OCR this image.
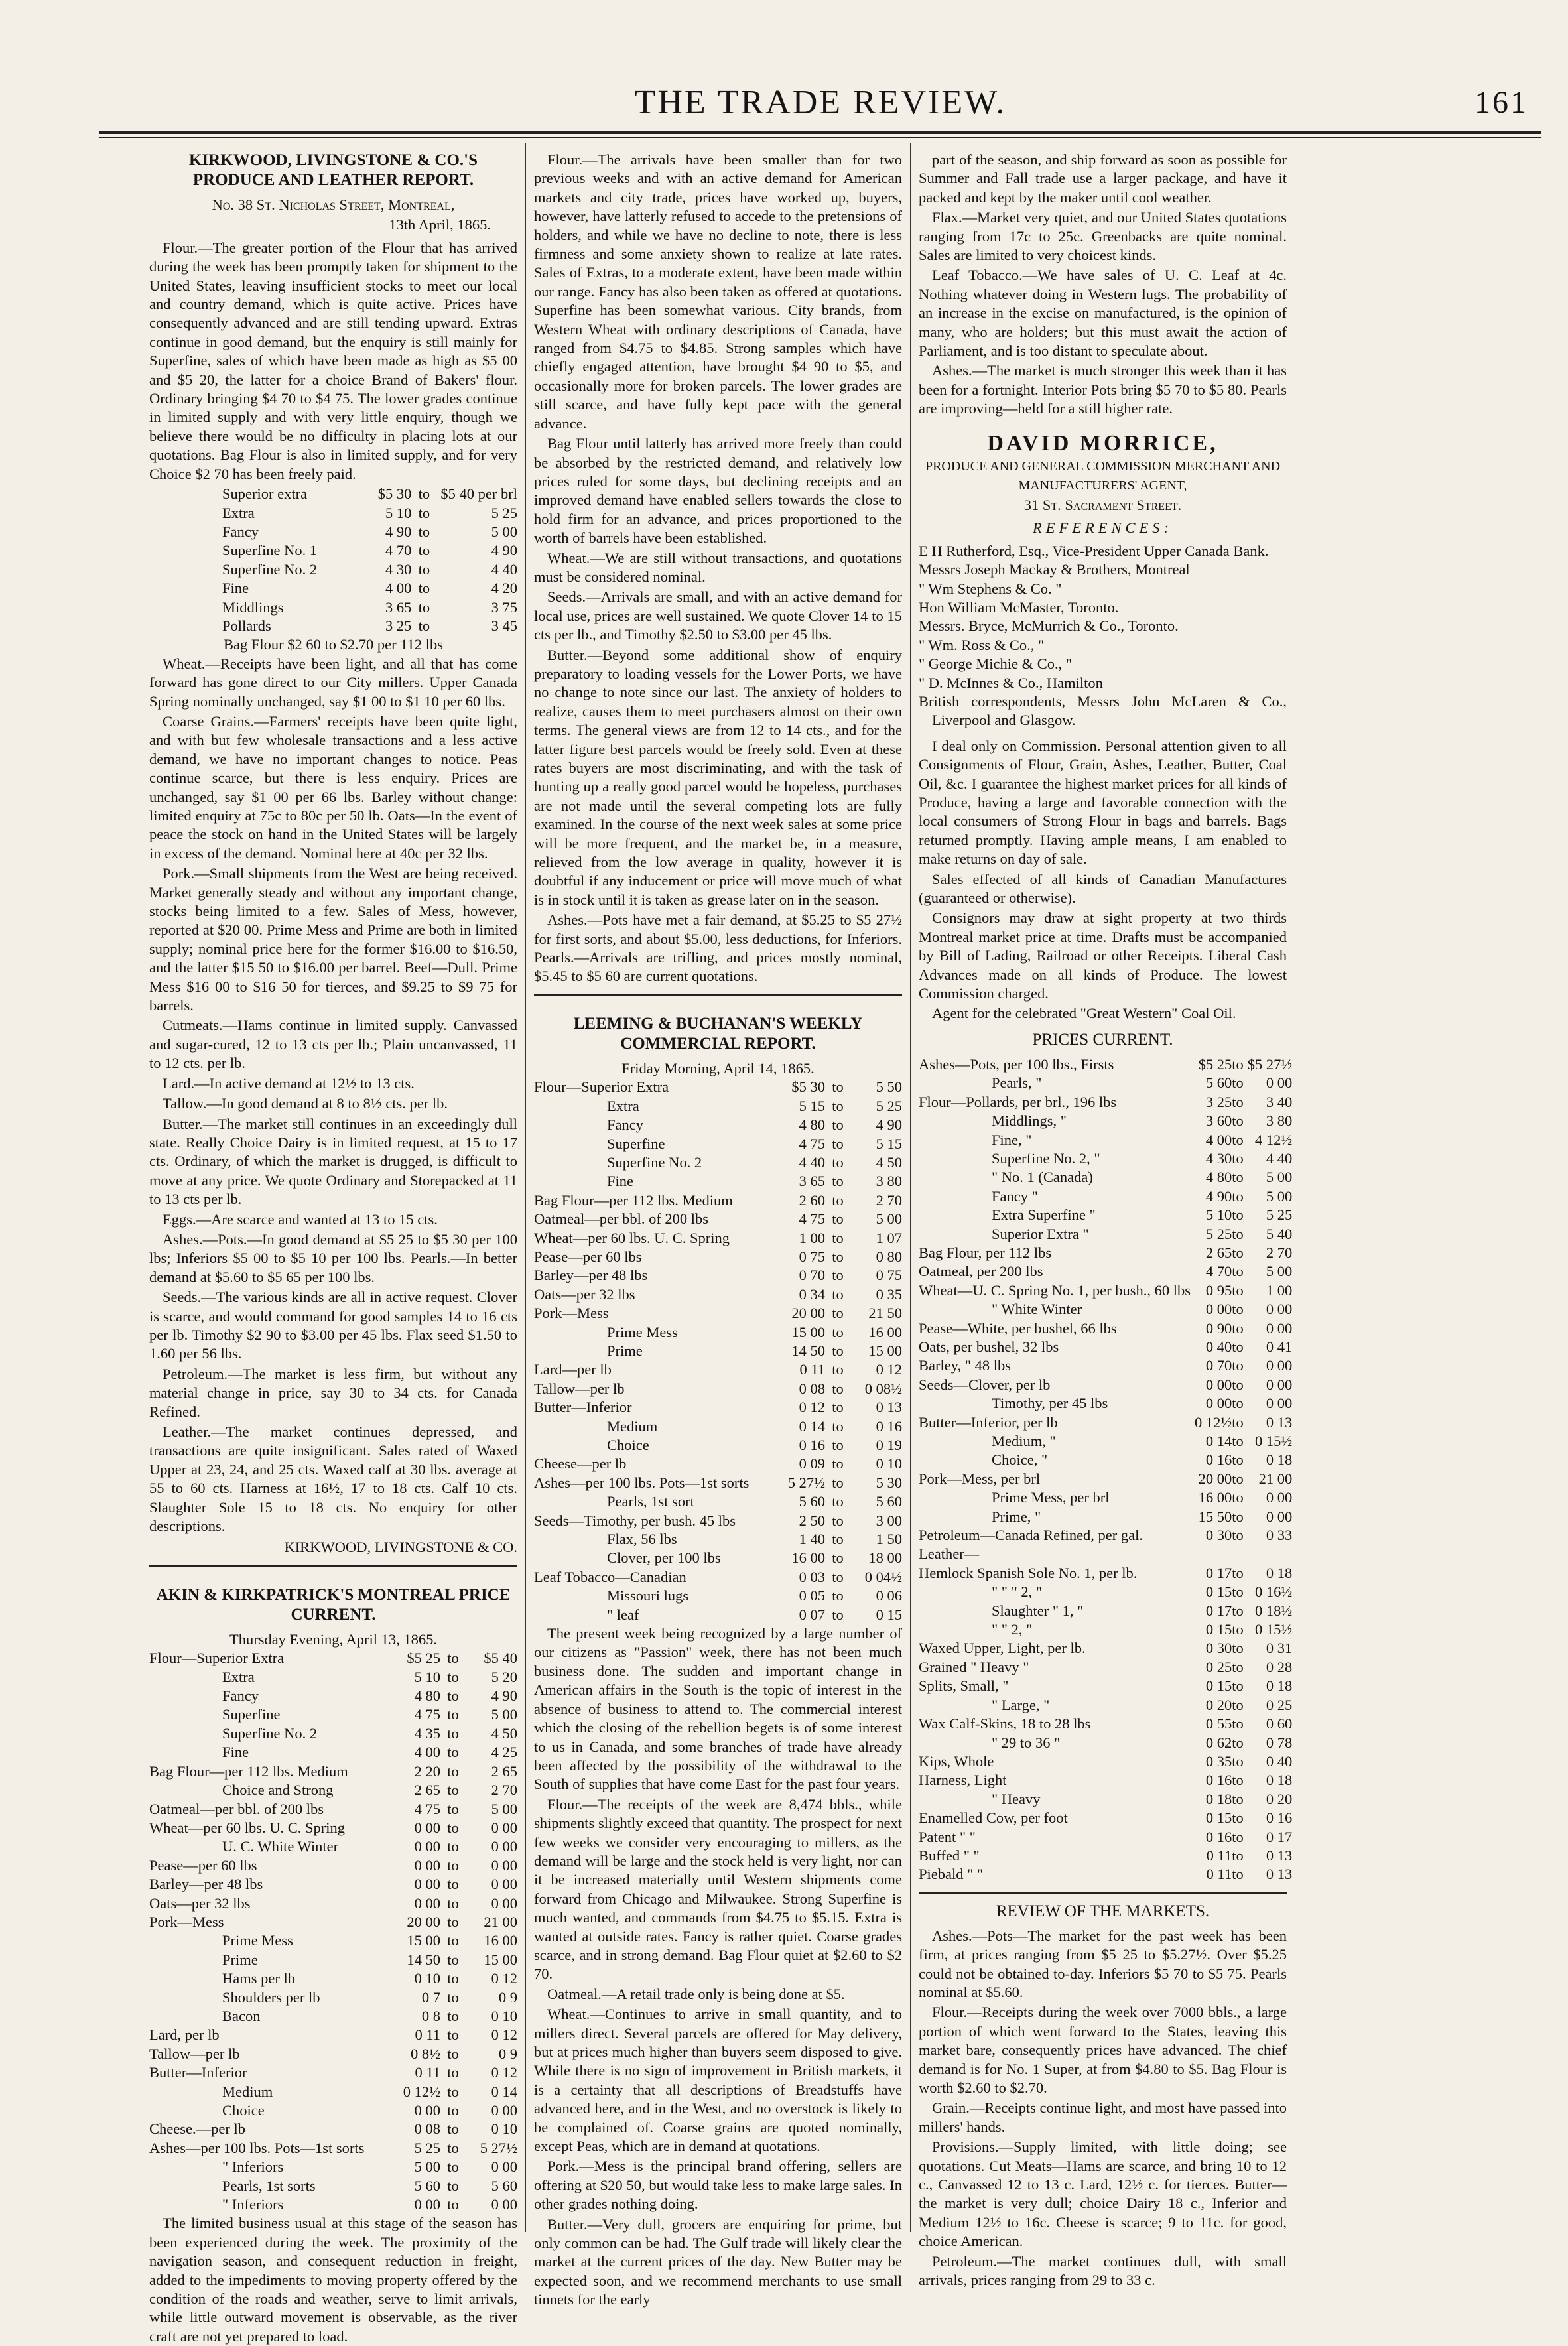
THE TRADE REVIEW.	161
KIRKWOOD, LIVINGSTONE & CO.'S PRODUCE AND LEATHER REPORT.
No. 38 St. Nicholas Street, Montreal,
13th April, 1865.

Flour.—The greater portion of the Flour that has arrived during the week has been promptly taken for shipment to the United States, leaving insufficient stocks to meet our local and country demand, which is quite active. Prices have consequently advanced and are still tending upward. Extras continue in good demand, but the enquiry is still mainly for Superfine, sales of which have been made as high as $5 00 and $5 20, the latter for a choice Brand of Bakers' flour. Ordinary bringing $4 70 to $4 75. The lower grades continue in limited supply and with very little enquiry, though we believe there would be no difficulty in placing lots at our quotations. Bag Flour is also in limited supply, and for very Choice $2 70 has been freely paid.

Superior extra	$5 30	to	$5 40 per brl
Extra	5 10	to	5 25
Fancy	4 90	to	5 00
Superfine No. 1	4 70	to	4 90
Superfine No. 2	4 30	to	4 40
Fine	4 00	to	4 20
Middlings	3 65	to	3 75
Pollards	3 25	to	3 45
Bag Flour $2 60 to $2.70 per 112 lbs

Wheat.—Receipts have been light, and all that has come forward has gone direct to our City millers. Upper Canada Spring nominally unchanged, say $1 00 to $1 10 per 60 lbs.

Coarse Grains.—Farmers' receipts have been quite light, and with but few wholesale transactions and a less active demand, we have no important changes to notice. Peas continue scarce, but there is less enquiry. Prices are unchanged, say $1 00 per 66 lbs. Barley without change: limited enquiry at 75c to 80c per 50 lb. Oats—In the event of peace the stock on hand in the United States will be largely in excess of the demand. Nominal here at 40c per 32 lbs.

Pork.—Small shipments from the West are being received. Market generally steady and without any important change, stocks being limited to a few. Sales of Mess, however, reported at $20 00. Prime Mess and Prime are both in limited supply; nominal price here for the former $16.00 to $16.50, and the latter $15 50 to $16.00 per barrel. Beef—Dull. Prime Mess $16 00 to $16 50 for tierces, and $9.25 to $9 75 for barrels.

Cutmeats.—Hams continue in limited supply. Canvassed and sugar-cured, 12 to 13 cts per lb.; Plain uncanvassed, 11 to 12 cts. per lb.

Lard.—In active demand at 12½ to 13 cts.

Tallow.—In good demand at 8 to 8½ cts. per lb.

Butter.—The market still continues in an exceedingly dull state. Really Choice Dairy is in limited request, at 15 to 17 cts. Ordinary, of which the market is drugged, is difficult to move at any price. We quote Ordinary and Storepacked at 11 to 13 cts per lb.

Eggs.—Are scarce and wanted at 13 to 15 cts.

Ashes.—Pots.—In good demand at $5 25 to $5 30 per 100 lbs; Inferiors $5 00 to $5 10 per 100 lbs. Pearls.—In better demand at $5.60 to $5 65 per 100 lbs.

Seeds.—The various kinds are all in active request. Clover is scarce, and would command for good samples 14 to 16 cts per lb. Timothy $2 90 to $3.00 per 45 lbs. Flax seed $1.50 to 1.60 per 56 lbs.

Petroleum.—The market is less firm, but without any material change in price, say 30 to 34 cts. for Canada Refined.

Leather.—The market continues depressed, and transactions are quite insignificant. Sales rated of Waxed Upper at 23, 24, and 25 cts. Waxed calf at 30 lbs. average at 55 to 60 cts. Harness at 16½, 17 to 18 cts. Calf 10 cts. Slaughter Sole 15 to 18 cts. No enquiry for other descriptions.

KIRKWOOD, LIVINGSTONE & CO.
AKIN & KIRKPATRICK'S MONTREAL PRICE CURRENT.
Thursday Evening, April 13, 1865.
Flour—Superior Extra	$5 25	to	$5 40
Extra	5 10	to	5 20
Fancy	4 80	to	4 90
Superfine	4 75	to	5 00
Superfine No. 2	4 35	to	4 50
Fine	4 00	to	4 25
Bag Flour—per 112 lbs. Medium	2 20	to	2 65
Choice and Strong	2 65	to	2 70
Oatmeal—per bbl. of 200 lbs	4 75	to	5 00
Wheat—per 60 lbs. U. C. Spring	0 00	to	0 00
U. C. White Winter	0 00	to	0 00
Pease—per 60 lbs	0 00	to	0 00
Barley—per 48 lbs	0 00	to	0 00
Oats—per 32 lbs	0 00	to	0 00
Pork—Mess	20 00	to	21 00
Prime Mess	15 00	to	16 00
Prime	14 50	to	15 00
Hams per lb	0 10	to	0 12
Shoulders per lb	0 7	to	0 9
Bacon	0 8	to	0 10
Lard, per lb	0 11	to	0 12
Tallow—per lb	0 8½	to	0 9
Butter—Inferior	0 11	to	0 12
Medium	0 12½	to	0 14
Choice	0 00	to	0 00
Cheese.—per lb	0 08	to	0 10
Ashes—per 100 lbs. Pots—1st sorts	5 25	to	5 27½
" Inferiors	5 00	to	0 00
Pearls, 1st sorts	5 60	to	5 60
" Inferiors	0 00	to	0 00

The limited business usual at this stage of the season has been experienced during the week. The proximity of the navigation season, and consequent reduction in freight, added to the impediments to moving property offered by the condition of the roads and weather, serve to limit arrivals, while little outward movement is observable, as the river craft are not yet prepared to load.

Flour.—The arrivals have been smaller than for two previous weeks and with an active demand for American markets and city trade, prices have worked up, buyers, however, have latterly refused to accede to the pretensions of holders, and while we have no decline to note, there is less firmness and some anxiety shown to realize at late rates. Sales of Extras, to a moderate extent, have been made within our range. Fancy has also been taken as offered at quotations. Superfine has been somewhat various. City brands, from Western Wheat with ordinary descriptions of Canada, have ranged from $4.75 to $4.85. Strong samples which have chiefly engaged attention, have brought $4 90 to $5, and occasionally more for broken parcels. The lower grades are still scarce, and have fully kept pace with the general advance.

Bag Flour until latterly has arrived more freely than could be absorbed by the restricted demand, and relatively low prices ruled for some days, but declining receipts and an improved demand have enabled sellers towards the close to hold firm for an advance, and prices proportioned to the worth of barrels have been established.

Wheat.—We are still without transactions, and quotations must be considered nominal.

Seeds.—Arrivals are small, and with an active demand for local use, prices are well sustained. We quote Clover 14 to 15 cts per lb., and Timothy $2.50 to $3.00 per 45 lbs.

Butter.—Beyond some additional show of enquiry preparatory to loading vessels for the Lower Ports, we have no change to note since our last. The anxiety of holders to realize, causes them to meet purchasers almost on their own terms. The general views are from 12 to 14 cts., and for the latter figure best parcels would be freely sold. Even at these rates buyers are most discriminating, and with the task of hunting up a really good parcel would be hopeless, purchases are not made until the several competing lots are fully examined. In the course of the next week sales at some price will be more frequent, and the market be, in a measure, relieved from the low average in quality, however it is doubtful if any inducement or price will move much of what is in stock until it is taken as grease later on in the season.

Ashes.—Pots have met a fair demand, at $5.25 to $5 27½ for first sorts, and about $5.00, less deductions, for Inferiors. Pearls.—Arrivals are trifling, and prices mostly nominal, $5.45 to $5 60 are current quotations.

LEEMING & BUCHANAN'S WEEKLY COMMERCIAL REPORT.
Friday Morning, April 14, 1865.
Flour—Superior Extra	$5 30	to	5 50
Extra	5 15	to	5 25
Fancy	4 80	to	4 90
Superfine	4 75	to	5 15
Superfine No. 2	4 40	to	4 50
Fine	3 65	to	3 80
Bag Flour—per 112 lbs. Medium	2 60	to	2 70
Oatmeal—per bbl. of 200 lbs	4 75	to	5 00
Wheat—per 60 lbs. U. C. Spring	1 00	to	1 07
Pease—per 60 lbs	0 75	to	0 80
Barley—per 48 lbs	0 70	to	0 75
Oats—per 32 lbs	0 34	to	0 35
Pork—Mess	20 00	to	21 50
Prime Mess	15 00	to	16 00
Prime	14 50	to	15 00
Lard—per lb	0 11	to	0 12
Tallow—per lb	0 08	to	0 08½
Butter—Inferior	0 12	to	0 13
Medium	0 14	to	0 16
Choice	0 16	to	0 19
Cheese—per lb	0 09	to	0 10
Ashes—per 100 lbs. Pots—1st sorts	5 27½	to	5 30
Pearls, 1st sort	5 60	to	5 60
Seeds—Timothy, per bush. 45 lbs	2 50	to	3 00
Flax, 56 lbs	1 40	to	1 50
Clover, per 100 lbs	16 00	to	18 00
Leaf Tobacco—Canadian	0 03	to	0 04½
Missouri lugs	0 05	to	0 06
" leaf	0 07	to	0 15

The present week being recognized by a large number of our citizens as "Passion" week, there has not been much business done. The sudden and important change in American affairs in the South is the topic of interest in the absence of business to attend to. The commercial interest which the closing of the rebellion begets is of some interest to us in Canada, and some branches of trade have already been affected by the possibility of the withdrawal to the South of supplies that have come East for the past four years.

Flour.—The receipts of the week are 8,474 bbls., while shipments slightly exceed that quantity. The prospect for next few weeks we consider very encouraging to millers, as the demand will be large and the stock held is very light, nor can it be increased materially until Western shipments come forward from Chicago and Milwaukee. Strong Superfine is much wanted, and commands from $4.75 to $5.15. Extra is wanted at outside rates. Fancy is rather quiet. Coarse grades scarce, and in strong demand. Bag Flour quiet at $2.60 to $2 70.

Oatmeal.—A retail trade only is being done at $5.

Wheat.—Continues to arrive in small quantity, and to millers direct. Several parcels are offered for May delivery, but at prices much higher than buyers seem disposed to give. While there is no sign of improvement in British markets, it is a certainty that all descriptions of Breadstuffs have advanced here, and in the West, and no overstock is likely to be complained of. Coarse grains are quoted nominally, except Peas, which are in demand at quotations.

Pork.—Mess is the principal brand offering, sellers are offering at $20 50, but would take less to make large sales. In other grades nothing doing.

Butter.—Very dull, grocers are enquiring for prime, but only common can be had. The Gulf trade will likely clear the market at the current prices of the day. New Butter may be expected soon, and we recommend merchants to use small tinnets for the early

part of the season, and ship forward as soon as possible for Summer and Fall trade use a larger package, and have it packed and kept by the maker until cool weather.

Flax.—Market very quiet, and our United States quotations ranging from 17c to 25c. Greenbacks are quite nominal. Sales are limited to very choicest kinds.

Leaf Tobacco.—We have sales of U. C. Leaf at 4c. Nothing whatever doing in Western lugs. The probability of an increase in the excise on manufactured, is the opinion of many, who are holders; but this must await the action of Parliament, and is too distant to speculate about.

Ashes.—The market is much stronger this week than it has been for a fortnight. Interior Pots bring $5 70 to $5 80. Pearls are improving—held for a still higher rate.

DAVID MORRICE,
PRODUCE AND GENERAL COMMISSION MERCHANT AND MANUFACTURERS' AGENT,
31 St. Sacrament Street.
REFERENCES:
E H Rutherford, Esq., Vice-President Upper Canada Bank.
Messrs Joseph Mackay & Brothers, Montreal
" Wm Stephens & Co. "
Hon William McMaster, Toronto.
Messrs. Bryce, McMurrich & Co., Toronto.
" Wm. Ross & Co., "
" George Michie & Co., "
" D. McInnes & Co., Hamilton
British correspondents, Messrs John McLaren & Co., Liverpool and Glasgow.

I deal only on Commission. Personal attention given to all Consignments of Flour, Grain, Ashes, Leather, Butter, Coal Oil, &c. I guarantee the highest market prices for all kinds of Produce, having a large and favorable connection with the local consumers of Strong Flour in bags and barrels. Bags returned promptly. Having ample means, I am enabled to make returns on day of sale.

Sales effected of all kinds of Canadian Manufactures (guaranteed or otherwise).

Consignors may draw at sight property at two thirds Montreal market price at time. Drafts must be accompanied by Bill of Lading, Railroad or other Receipts. Liberal Cash Advances made on all kinds of Produce. The lowest Commission charged.

Agent for the celebrated "Great Western" Coal Oil.

PRICES CURRENT.
Ashes—Pots, per 100 lbs., Firsts	$5 25	to	$5 27½
Pearls, "	5 60	to	0 00
Flour—Pollards, per brl., 196 lbs	3 25	to	3 40
Middlings, "	3 60	to	3 80
Fine, "	4 00	to	4 12½
Superfine No. 2, "	4 30	to	4 40
" No. 1 (Canada)	4 80	to	5 00
Fancy "	4 90	to	5 00
Extra Superfine "	5 10	to	5 25
Superior Extra "	5 25	to	5 40
Bag Flour, per 112 lbs	2 65	to	2 70
Oatmeal, per 200 lbs	4 70	to	5 00
Wheat—U. C. Spring No. 1, per bush., 60 lbs	0 95	to	1 00
" White Winter	0 00	to	0 00
Pease—White, per bushel, 66 lbs	0 90	to	0 00
Oats, per bushel, 32 lbs	0 40	to	0 41
Barley, " 48 lbs	0 70	to	0 00
Seeds—Clover, per lb	0 00	to	0 00
Timothy, per 45 lbs	0 00	to	0 00
Butter—Inferior, per lb	0 12½	to	0 13
Medium, "	0 14	to	0 15½
Choice, "	0 16	to	0 18
Pork—Mess, per brl	20 00	to	21 00
Prime Mess, per brl	16 00	to	0 00
Prime, "	15 50	to	0 00
Petroleum—Canada Refined, per gal.	0 30	to	0 33
Leather—			
Hemlock Spanish Sole No. 1, per lb.	0 17	to	0 18
" " " 2, "	0 15	to	0 16½
Slaughter " 1, "	0 17	to	0 18½
" " 2, "	0 15	to	0 15½
Waxed Upper, Light, per lb.	0 30	to	0 31
Grained " Heavy "	0 25	to	0 28
Splits, Small, "	0 15	to	0 18
" Large, "	0 20	to	0 25
Wax Calf-Skins, 18 to 28 lbs	0 55	to	0 60
" 29 to 36 "	0 62	to	0 78
Kips, Whole	0 35	to	0 40
Harness, Light	0 16	to	0 18
" Heavy	0 18	to	0 20
Enamelled Cow, per foot	0 15	to	0 16
Patent " "	0 16	to	0 17
Buffed " "	0 11	to	0 13
Piebald " "	0 11	to	0 13
REVIEW OF THE MARKETS.

Ashes.—Pots—The market for the past week has been firm, at prices ranging from $5 25 to $5.27½. Over $5.25 could not be obtained to-day. Inferiors $5 70 to $5 75. Pearls nominal at $5.60.

Flour.—Receipts during the week over 7000 bbls., a large portion of which went forward to the States, leaving this market bare, consequently prices have advanced. The chief demand is for No. 1 Super, at from $4.80 to $5. Bag Flour is worth $2.60 to $2.70.

Grain.—Receipts continue light, and most have passed into millers' hands.

Provisions.—Supply limited, with little doing; see quotations. Cut Meats—Hams are scarce, and bring 10 to 12 c., Canvassed 12 to 13 c. Lard, 12½ c. for tierces. Butter—the market is very dull; choice Dairy 18 c., Inferior and Medium 12½ to 16c. Cheese is scarce; 9 to 11c. for good, choice American.

Petroleum.—The market continues dull, with small arrivals, prices ranging from 29 to 33 c.
